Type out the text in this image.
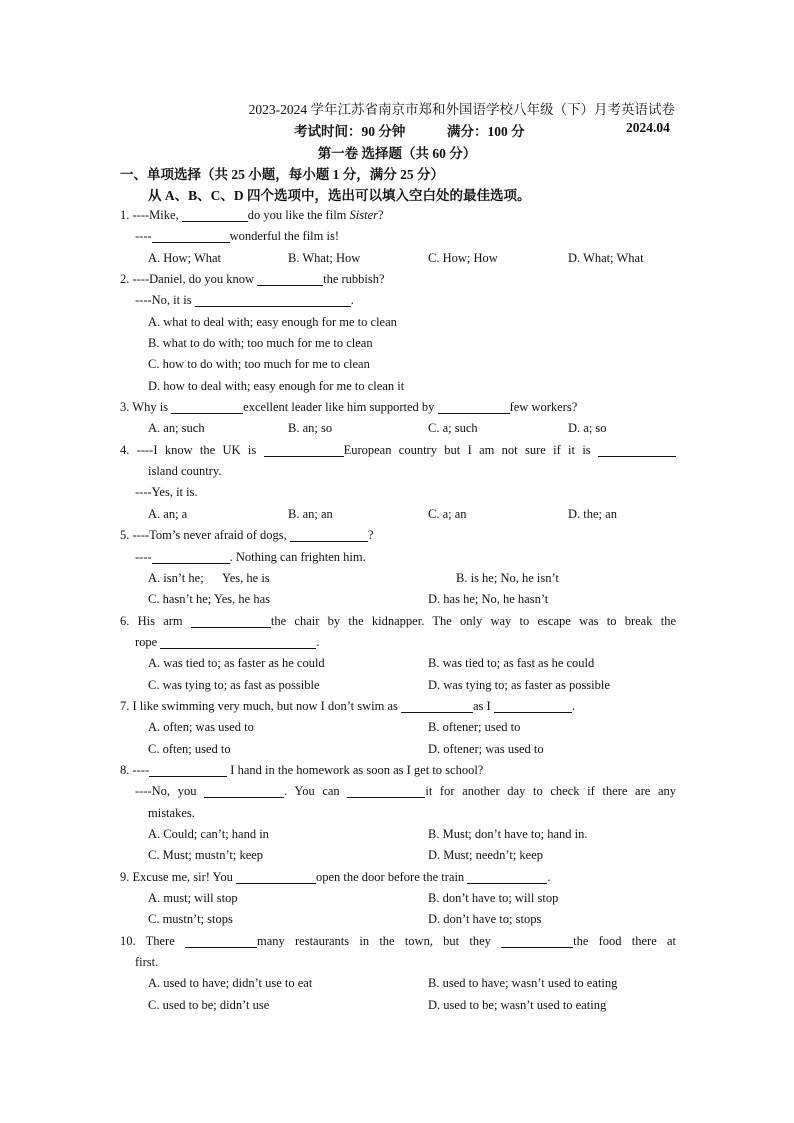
2023-2024 学年江苏省南京市郑和外国语学校八年级（下）月考英语试卷
考试时间：90 分钟	满分：100 分	2024.04
第一卷 选择题（共 60 分）
一、单项选择（共 25 小题，每小题 1 分，满分 25 分）
从 A、B、C、D 四个选项中，选出可以填入空白处的最佳选项。
1. ----Mike,	do you like the film Sister?
----	wonderful the film is!
A. How; What	B. What; How	C. How; How	D. What; What
2. ----Daniel, do you know	the rubbish?
----No, it is	.
A. what to deal with; easy enough for me to clean
B. what to do with; too much for me to clean
C. how to do with; too much for me to clean
D. how to deal with; easy enough for me to clean it
3. Why is	excellent leader like him supported by	few workers?
A. an; such	B. an; so	C. a; such	D. a; so
4. ----I know the UK is	European country but I am not sure if it is
island country.
----Yes, it is.
A. an; a	B. an; an	C. a; an	D. the; an
5. ----Tom’s never afraid of dogs,	?
----	. Nothing can frighten him.
A. isn’t he;      Yes, he is	B. is he; No, he isn’t
C. hasn’t he; Yes, he has	D. has he; No, he hasn’t
6. His arm	the chair by the kidnapper. The only way to escape was to break the
rope	.
A. was tied to; as faster as he could	B. was tied to; as fast as he could
C. was tying to; as fast as possible	D. was tying to; as faster as possible
7. I like swimming very much, but now I don’t swim as	as I	.
A. often; was used to	B. oftener; used to
C. often; used to	D. oftener; was used to
8. ----	I hand in the homework as soon as I get to school?
----No, you	. You can	it for another day to check if there are any
mistakes.
A. Could; can’t; hand in	B. Must; don’t have to; hand in.
C. Must; mustn’t; keep	D. Must; needn’t; keep
9. Excuse me, sir! You	open the door before the train	.
A. must; will stop	B. don’t have to; will stop
C. mustn’t; stops	D. don’t have to; stops
10. There	many restaurants in the town, but they	the food there at
first.
A. used to have; didn’t use to eat	B. used to have; wasn’t used to eating
C. used to be; didn’t use	D. used to be; wasn’t used to eating
